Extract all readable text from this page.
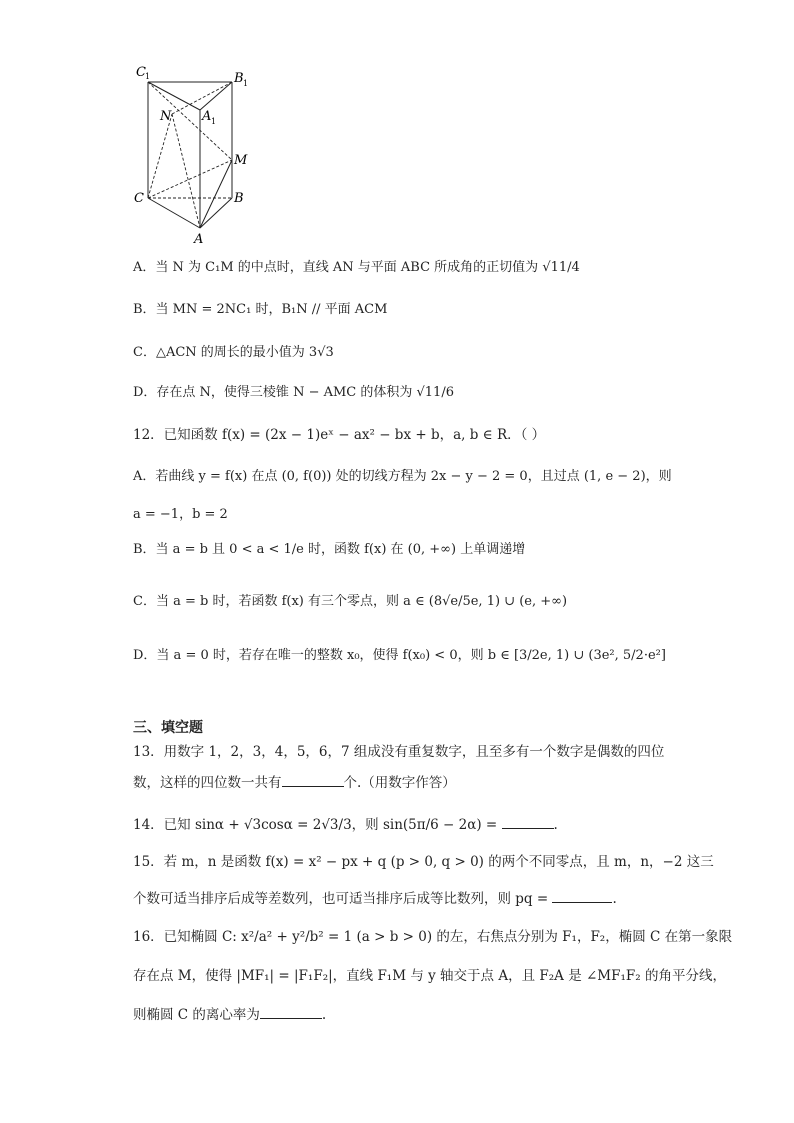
C 1	B 1
A 1
N
M
C	B
A
A．当 N 为 C₁M 的中点时，直线 AN 与平面 ABC 所成角的正切值为 √11/4
B．当 MN = 2NC₁ 时，B₁N // 平面 ACM
C．△ACN 的周长的最小值为 3√3
D．存在点 N，使得三棱锥 N − AMC 的体积为 √11/6
12．已知函数 f(x) = (2x − 1)eˣ − ax² − bx + b，a, b ∈ R．（ ）
A．若曲线 y = f(x) 在点 (0, f(0)) 处的切线方程为 2x − y − 2 = 0，且过点 (1, e − 2)，则
a = −1，b = 2
B．当 a = b 且 0 < a < 1/e 时，函数 f(x) 在 (0, +∞) 上单调递增
C．当 a = b 时，若函数 f(x) 有三个零点，则 a ∈ (8√e/5e, 1) ∪ (e, +∞)
D．当 a = 0 时，若存在唯一的整数 x₀，使得 f(x₀) < 0，则 b ∈ [3/2e, 1) ∪ (3e², 5/2·e²]
三、填空题
13．用数字 1，2，3，4，5，6，7 组成没有重复数字，且至多有一个数字是偶数的四位
数，这样的四位数一共有	个.（用数字作答）
14．已知 sinα + √3cosα = 2√3/3，则 sin(5π/6 − 2α) =	.
15．若 m，n 是函数 f(x) = x² − px + q (p > 0, q > 0) 的两个不同零点，且 m，n，−2 这三
个数可适当排序后成等差数列，也可适当排序后成等比数列，则 pq =	.
16．已知椭圆 C: x²/a² + y²/b² = 1 (a > b > 0) 的左，右焦点分别为 F₁，F₂，椭圆 C 在第一象限
存在点 M，使得 |MF₁| = |F₁F₂|，直线 F₁M 与 y 轴交于点 A，且 F₂A 是 ∠MF₁F₂ 的角平分线，
则椭圆 C 的离心率为	.
